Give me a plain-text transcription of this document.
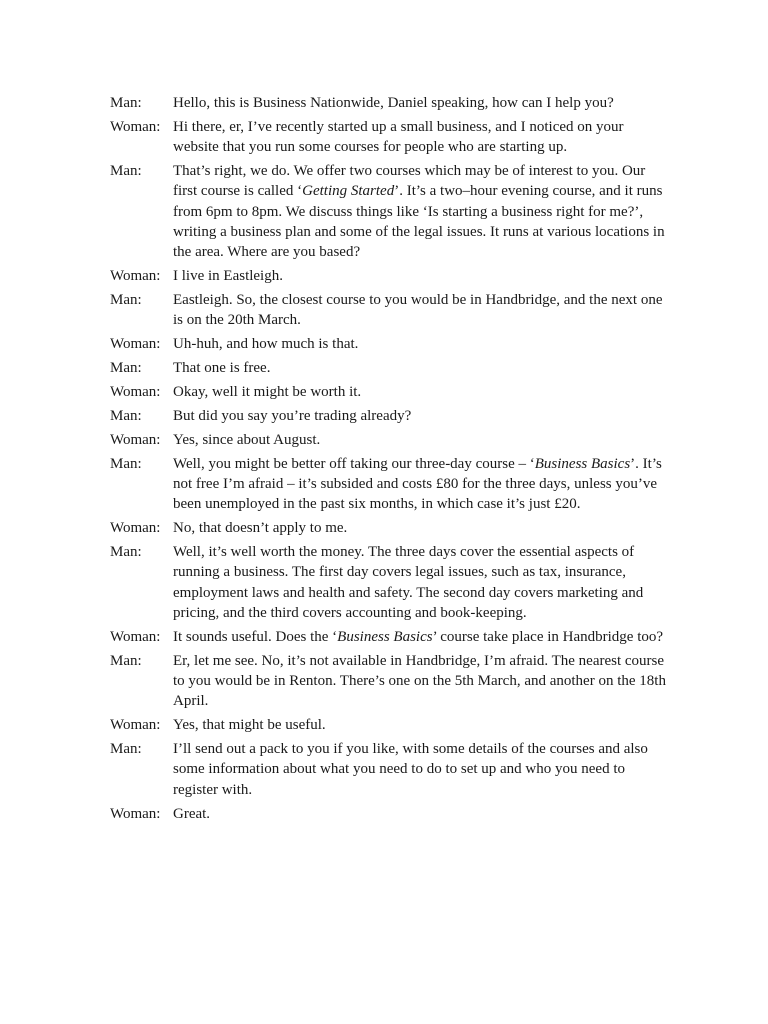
Man:	Hello, this is Business Nationwide, Daniel speaking, how can I help you?
Woman: Hi there, er, I’ve recently started up a small business, and I noticed on your website that you run some courses for people who are starting up.
Man:	That’s right, we do. We offer two courses which may be of interest to you. Our first course is called ‘Getting Started’. It’s a two–hour evening course, and it runs from 6pm to 8pm. We discuss things like ‘Is starting a business right for me?’, writing a business plan and some of the legal issues. It runs at various locations in the area. Where are you based?
Woman: I live in Eastleigh.
Man:	Eastleigh. So, the closest course to you would be in Handbridge, and the next one is on the 20th March.
Woman: Uh-huh, and how much is that.
Man:	That one is free.
Woman: Okay, well it might be worth it.
Man:	But did you say you’re trading already?
Woman: Yes, since about August.
Man:	Well, you might be better off taking our three-day course – ‘Business Basics’. It’s not free I’m afraid – it’s subsided and costs £80 for the three days, unless you’ve been unemployed in the past six months, in which case it’s just £20.
Woman: No, that doesn’t apply to me.
Man:	Well, it’s well worth the money. The three days cover the essential aspects of running a business. The first day covers legal issues, such as tax, insurance, employment laws and health and safety. The second day covers marketing and pricing, and the third covers accounting and book-keeping.
Woman: It sounds useful. Does the ‘Business Basics’ course take place in Handbridge too?
Man:	Er, let me see. No, it’s not available in Handbridge, I’m afraid. The nearest course to you would be in Renton. There’s one on the 5th March, and another on the 18th April.
Woman: Yes, that might be useful.
Man:	I’ll send out a pack to you if you like, with some details of the courses and also some information about what you need to do to set up and who you need to register with.
Woman: Great.
